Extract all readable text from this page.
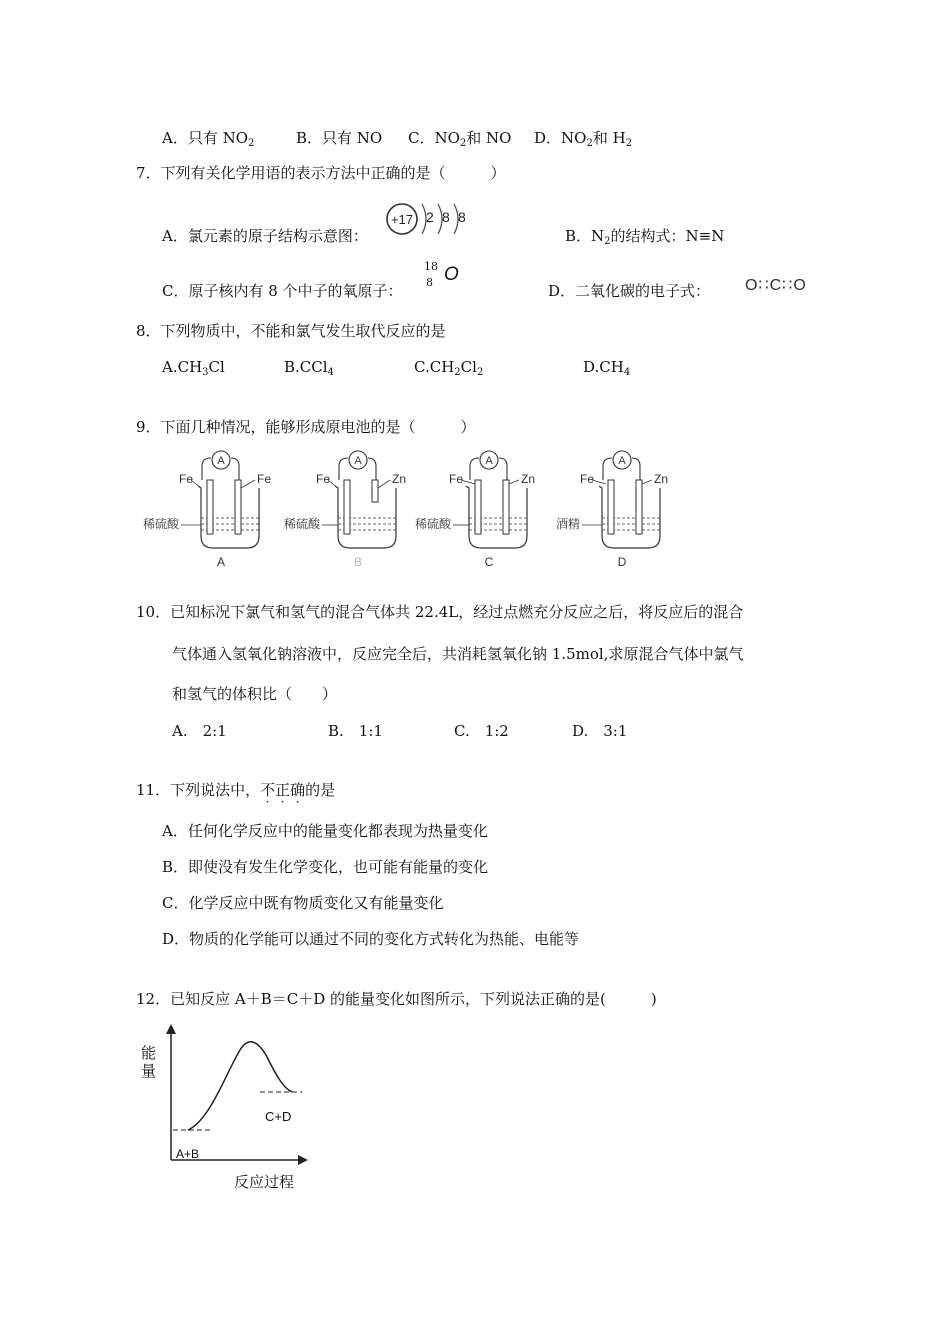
A．只有 $NO_2$	B．只有 NO C．$NO_2$和 NO D．$NO_2$和 $H_2$
7．下列有关化学用语的表示方法中正确的是（　　　）
A．氯元素的原子结构示意图：
+17 2 8 8
B．$N_2$的结构式：N≡N
C．原子核内有 8 个中子的氧原子：
18
8 O
D．二氧化碳的电子式： O∷C∷O
8．下列物质中，不能和氯气发生取代反应的是
$A.CH_3Cl$	B.CCl$_4$	$C.CH_2Cl_2$	$D.CH_4$
9．下面几种情况，能够形成原电池的是（　　　）
A
Fe	Fe
稀硫酸
A
A
Fe	Zn
稀硫酸
B
A
Fe	Zn
稀硫酸
C
A
Fe	Zn
酒精
D
10．已知标况下氯气和氢气的混合气体共 22.4L，经过点燃充分反应之后，将反应后的混合
气体通入氢氧化钠溶液中，反应完全后，共消耗氢氧化钠 1.5mol,求原混合气体中氯气
和氢气的体积比（　　）
A.　2:1	B.　1:1	C.　1:2	D.　3:1
11．下列说法中，不
·
正
·
确
·
的是
A．任何化学反应中的能量变化都表现为热量变化
B．即使没有发生化学变化，也可能有能量的变化
C．化学反应中既有物质变化又有能量变化
D．物质的化学能可以通过不同的变化方式转化为热能、电能等
12．已知反应 A＋B＝C＋D 的能量变化如图所示，下列说法正确的是(　　　)
A+B
C+D
能量
反应过程
